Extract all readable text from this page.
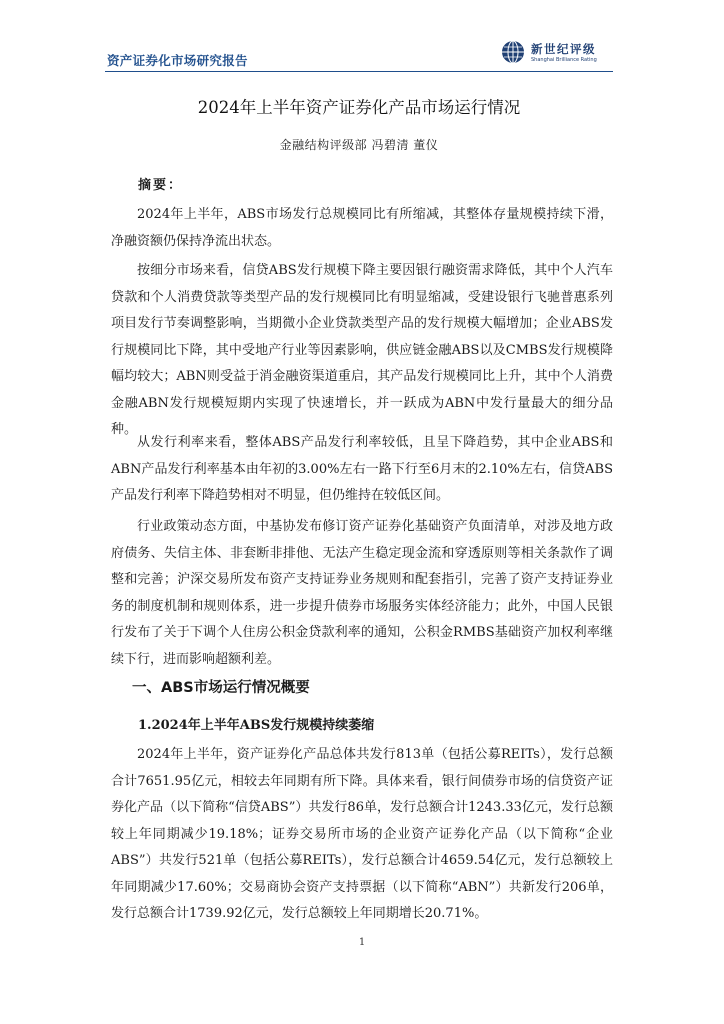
资产证券化市场研究报告
新世纪评级
Shanghai Brilliance Rating
2024年上半年资产证券化产品市场运行情况
金融结构评级部 冯碧清 董仪
摘要：

2024年上半年，ABS市场发行总规模同比有所缩减，其整体存量规模持续下滑，净融资额仍保持净流出状态。

按细分市场来看，信贷ABS发行规模下降主要因银行融资需求降低，其中个人汽车贷款和个人消费贷款等类型产品的发行规模同比有明显缩减，受建设银行飞驰普惠系列项目发行节奏调整影响，当期微小企业贷款类型产品的发行规模大幅增加；企业ABS发行规模同比下降，其中受地产行业等因素影响，供应链金融ABS以及CMBS发行规模降幅均较大；ABN则受益于消金融资渠道重启，其产品发行规模同比上升，其中个人消费金融ABN发行规模短期内实现了快速增长，并一跃成为ABN中发行量最大的细分品种。

从发行利率来看，整体ABS产品发行利率较低，且呈下降趋势，其中企业ABS和ABN产品发行利率基本由年初的3.00%左右一路下行至6月末的2.10%左右，信贷ABS产品发行利率下降趋势相对不明显，但仍维持在较低区间。

行业政策动态方面，中基协发布修订资产证券化基础资产负面清单，对涉及地方政府债务、失信主体、非套断非排他、无法产生稳定现金流和穿透原则等相关条款作了调整和完善；沪深交易所发布资产支持证券业务规则和配套指引，完善了资产支持证券业务的制度机制和规则体系，进一步提升债券市场服务实体经济能力；此外，中国人民银行发布了关于下调个人住房公积金贷款利率的通知，公积金RMBS基础资产加权利率继续下行，进而影响超额利差。

一、ABS市场运行情况概要
1.2024年上半年ABS发行规模持续萎缩

2024年上半年，资产证券化产品总体共发行813单（包括公募REITs），发行总额合计7651.95亿元，相较去年同期有所下降。具体来看，银行间债券市场的信贷资产证券化产品（以下简称“信贷ABS”）共发行86单，发行总额合计1243.33亿元，发行总额较上年同期减少19.18%；证券交易所市场的企业资产证券化产品（以下简称“企业ABS”）共发行521单（包括公募REITs），发行总额合计4659.54亿元，发行总额较上年同期减少17.60%；交易商协会资产支持票据（以下简称“ABN”）共新发行206单，发行总额合计1739.92亿元，发行总额较上年同期增长20.71%。

1
